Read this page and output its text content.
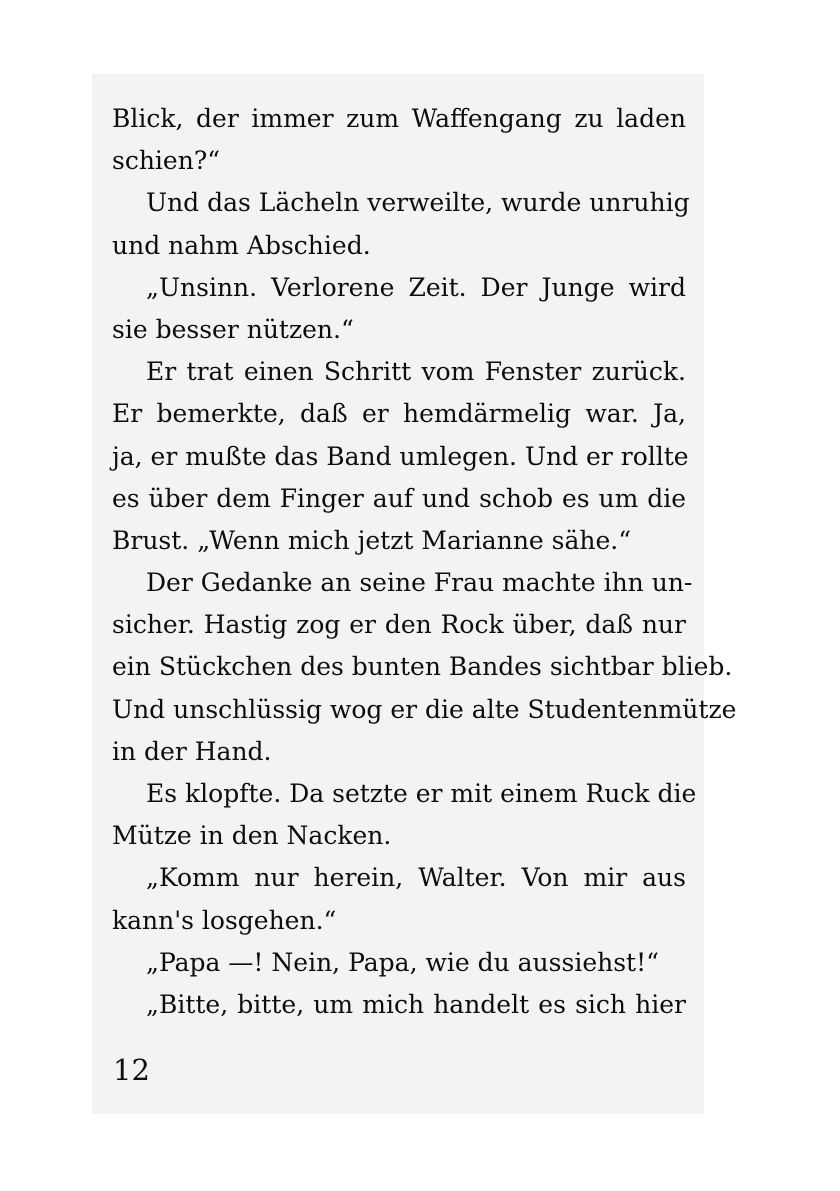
Blick, der immer zum Waffengang zu laden
schien?“
Und das Lächeln verweilte, wurde unruhig
und nahm Abschied.
„Unsinn. Verlorene Zeit. Der Junge wird
sie besser nützen.“
Er trat einen Schritt vom Fenster zurück.
Er bemerkte, daß er hemdärmelig war. Ja,
ja, er mußte das Band umlegen. Und er rollte
es über dem Finger auf und schob es um die
Brust. „Wenn mich jetzt Marianne sähe.“
Der Gedanke an seine Frau machte ihn un-
sicher. Hastig zog er den Rock über, daß nur
ein Stückchen des bunten Bandes sichtbar blieb.
Und unschlüssig wog er die alte Studentenmütze
in der Hand.
Es klopfte. Da setzte er mit einem Ruck die
Mütze in den Nacken.
„Komm nur herein, Walter. Von mir aus
kann's losgehen.“
„Papa —! Nein, Papa, wie du aussiehst!“
„Bitte, bitte, um mich handelt es sich hier
12
